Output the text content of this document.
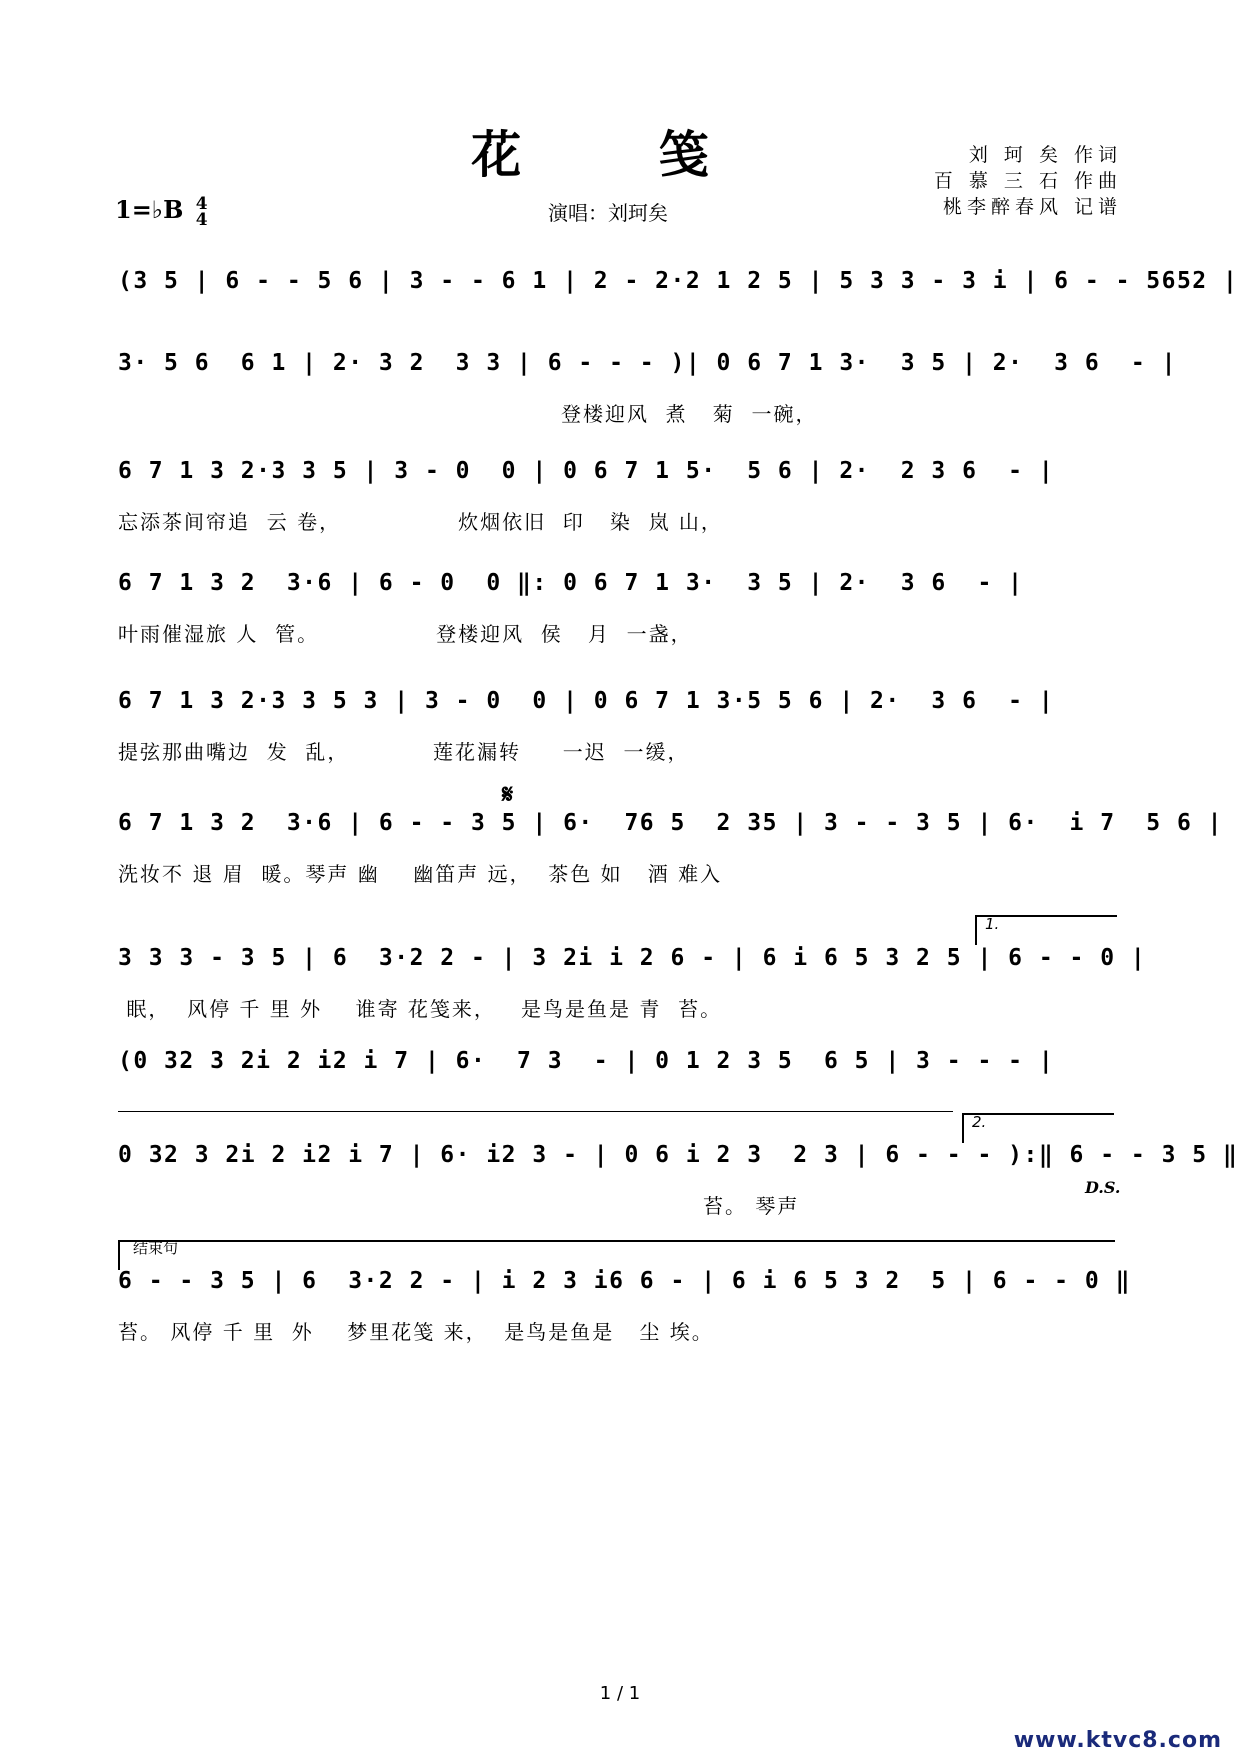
花 笺	刘 珂 矣 作词
百 慕 三 石 作曲
桃李醉春风 记谱
1=♭B 4
4	演唱：刘珂矣
(3 5 | 6 - - 5 6 | 3 - - 6 1 | 2 - 2·2 1 2 5 | 5 3 3 - 3 i | 6 - - 5652 |
3· 5 6  6 1 | 2· 3 2  3 3 | 6 - - - )| 0 6 7 1 3·  3 5 | 2·  3 6  - |
登楼迎风  煮   菊  一碗，
6 7 1 3 2·3 3 5 | 3 - 0  0 | 0 6 7 1 5·  5 6 | 2·  2 3 6  - |
忘添茶间帘追  云 卷，              炊烟依旧  印   染  岚 山，
6 7 1 3 2  3·6 | 6 - 0  0 ‖: 0 6 7 1 3·  3 5 | 2·  3 6  - |
叶雨催湿旅 人  管。              登楼迎风  侯   月  一盏，
6 7 1 3 2·3 3 5 3 | 3 - 0  0 | 0 6 7 1 3·5 5 6 | 2·  3 6  - |
提弦那曲嘴边  发  乱，          莲花漏转     一迟  一缓，
𝄋
6 7 1 3 2  3·6 | 6 - - 3 5 | 6·  76 5  2 35 | 3 - - 3 5 | 6·  i 7  5 6 |
洗妆不 退 眉  暖。琴声 幽    幽笛声 远，  茶色 如   酒 难入
1.
3 3 3 - 3 5 | 6  3·2 2 - | 3 2i i 2 6 - | 6 i 6 5 3 2 5 | 6 - - 0 |
眠，  风停 千 里 外    谁寄 花笺来，   是鸟是鱼是 青  苔。
(0 32 3 2i 2 i2 i 7 | 6·  7 3  - | 0 1 2 3 5  6 5 | 3 - - - |
2.
0 32 3 2i 2 i2 i 7 | 6· i2 3 - | 0 6 i 2 3  2 3 | 6 - - - ):‖ 6 - - 3 5 ‖
苔。 琴声
D.S.
结束句
6 - - 3 5 | 6  3·2 2 - | i 2 3 i6 6 - | 6 i 6 5 3 2  5 | 6 - - 0 ‖
苔。 风停 千 里  外    梦里花笺 来，  是鸟是鱼是   尘 埃。
1 / 1
www.ktvc8.com
